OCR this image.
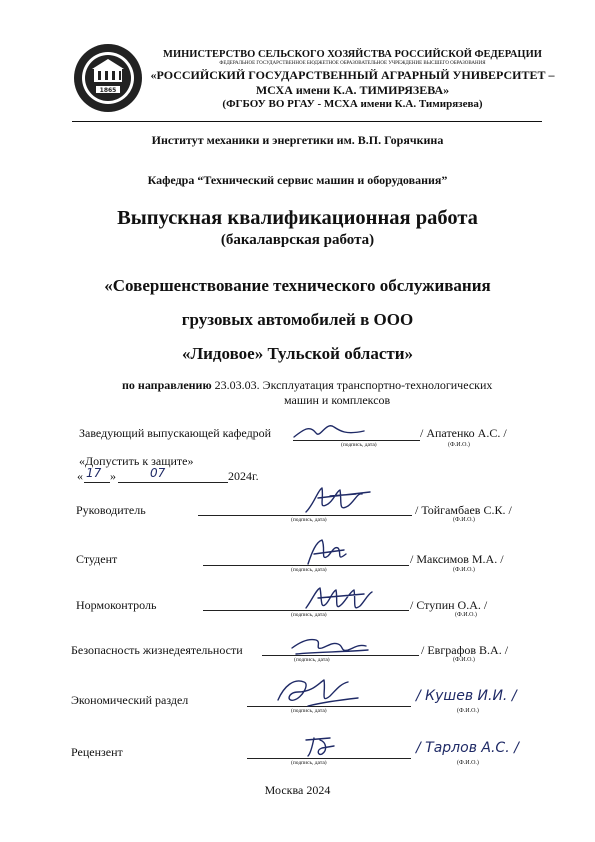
1865
МИНИСТЕРСТВО СЕЛЬСКОГО ХОЗЯЙСТВА РОССИЙСКОЙ ФЕДЕРАЦИИ
ФЕДЕРАЛЬНОЕ ГОСУДАРСТВЕННОЕ БЮДЖЕТНОЕ ОБРАЗОВАТЕЛЬНОЕ УЧРЕЖДЕНИЕ ВЫСШЕГО ОБРАЗОВАНИЯ
«РОССИЙСКИЙ ГОСУДАРСТВЕННЫЙ АГРАРНЫЙ УНИВЕРСИТЕТ –
МСХА имени К.А. ТИМИРЯЗЕВА»
(ФГБОУ ВО РГАУ - МСХА имени К.А. Тимирязева)
Институт механики и энергетики им. В.П. Горячкина
Кафедра “Технический сервис машин и оборудования”
Выпускная квалификационная работа
(бакалаврская работа)
«Совершенствование технического обслуживания
грузовых автомобилей в ООО
«Лидовое» Тульской области»
по направлению 23.03.03. Эксплуатация транспортно-технологических
машин и комплексов
Заведующий выпускающей кафедрой
(подпись, дата)
/ Апатенко А.С. /
(Ф.И.О.)
«Допустить к защите»
« 17 »	07	2024г.
Руководитель
(подпись, дата)
/ Тойгамбаев С.К. /
(Ф.И.О.)
Студент
(подпись, дата)
/ Максимов М.А. /
(Ф.И.О.)
Нормоконтроль
(подпись, дата)
/ Ступин О.А. /
(Ф.И.О.)
Безопасность жизнедеятельности
(подпись, дата)
/ Евграфов В.А. /
(Ф.И.О.)
Экономический раздел
(подпись, дата)
/ Кушев И.И. /
(Ф.И.О.)
Рецензент
(подпись, дата)
/ Тарлов А.С. /
(Ф.И.О.)
Москва 2024
